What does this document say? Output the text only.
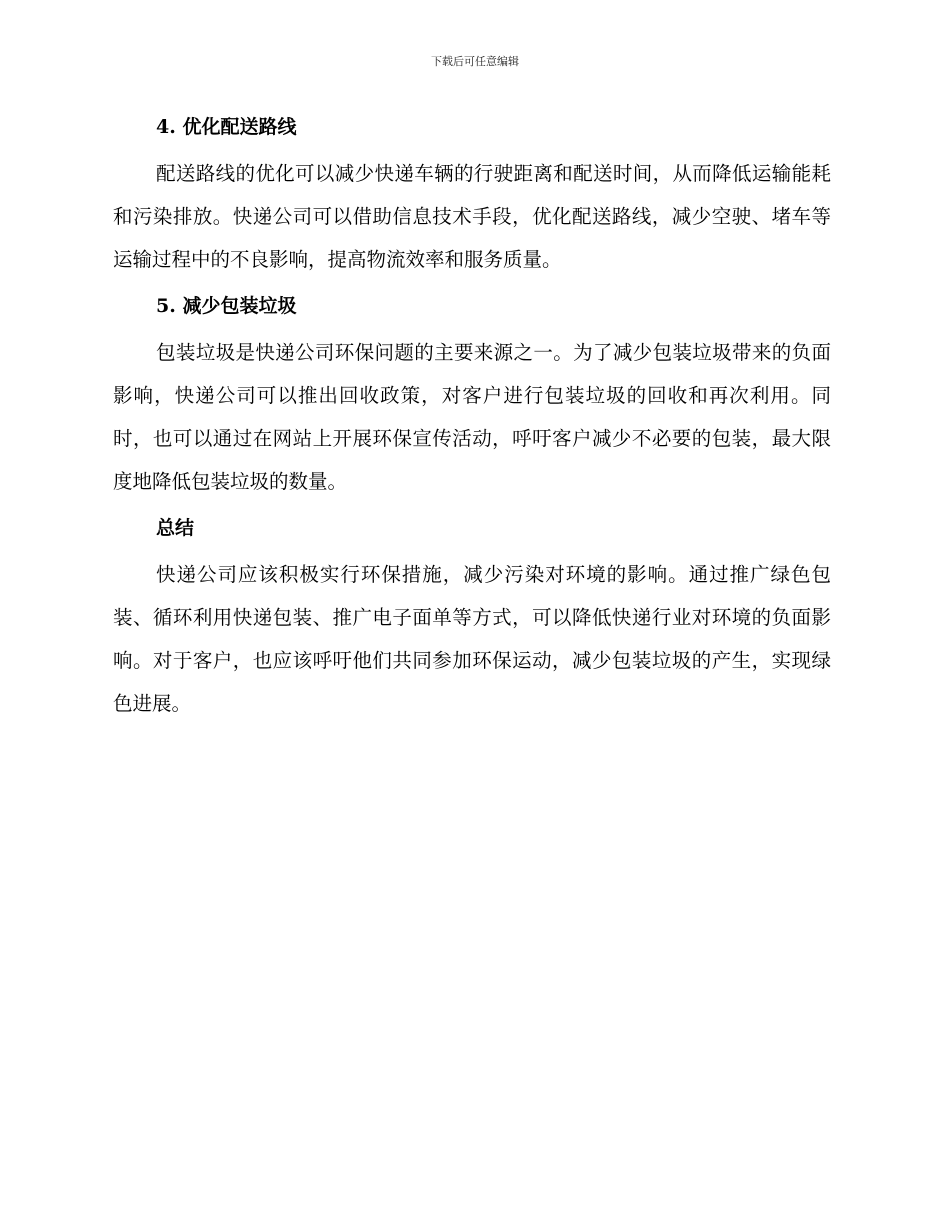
下载后可任意编辑
4. 优化配送路线

配送路线的优化可以减少快递车辆的行驶距离和配送时间，从而降低运输能耗和污染排放。快递公司可以借助信息技术手段，优化配送路线，减少空驶、堵车等运输过程中的不良影响，提高物流效率和服务质量。

5. 减少包装垃圾

包装垃圾是快递公司环保问题的主要来源之一。为了减少包装垃圾带来的负面影响，快递公司可以推出回收政策，对客户进行包装垃圾的回收和再次利用。同时，也可以通过在网站上开展环保宣传活动，呼吁客户减少不必要的包装，最大限度地降低包装垃圾的数量。

总结

快递公司应该积极实行环保措施，减少污染对环境的影响。通过推广绿色包装、循环利用快递包装、推广电子面单等方式，可以降低快递行业对环境的负面影响。对于客户，也应该呼吁他们共同参加环保运动，减少包装垃圾的产生，实现绿色进展。
